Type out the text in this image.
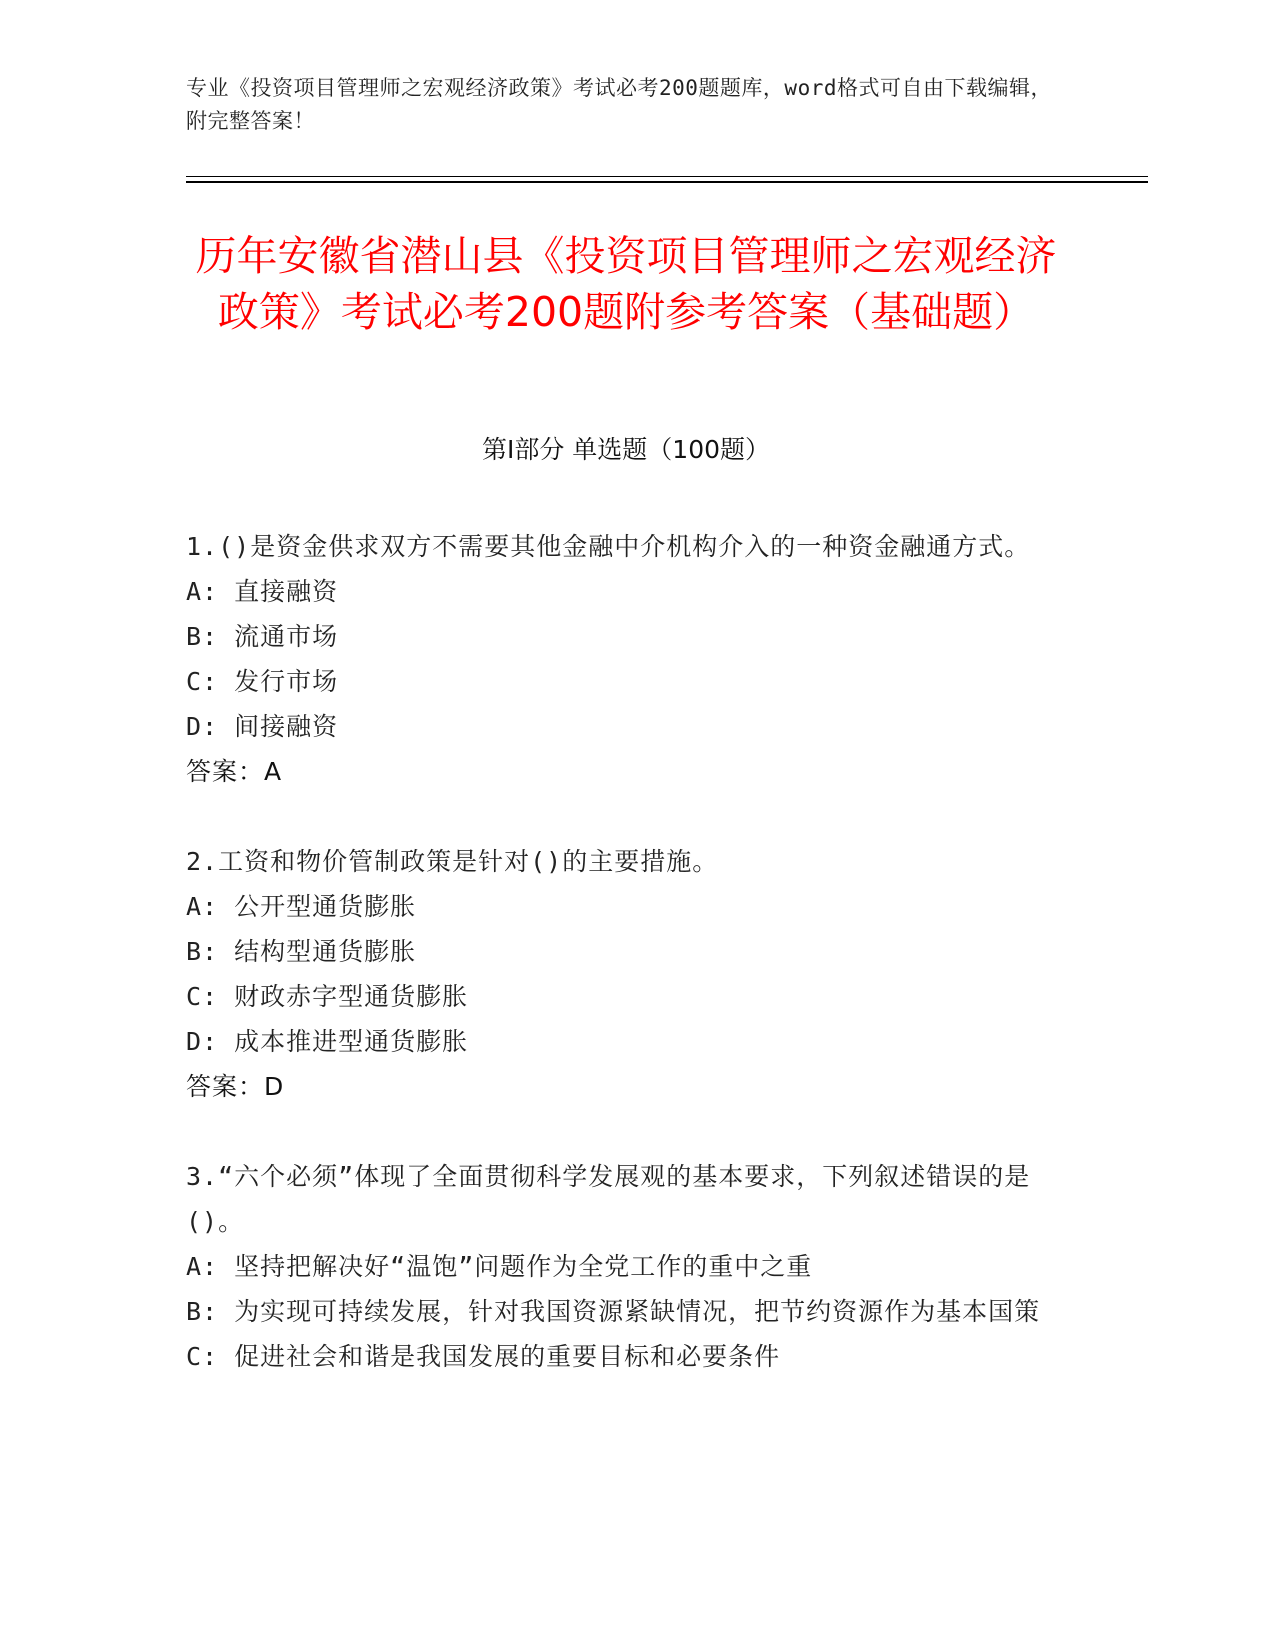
专业《投资项目管理师之宏观经济政策》考试必考200题题库，word格式可自由下载编辑，附完整答案！
历年安徽省潜山县《投资项目管理师之宏观经济政策》考试必考200题附参考答案（基础题）
第I部分 单选题（100题）

1.()是资金供求双方不需要其他金融中介机构介入的一种资金融通方式。

A: 直接融资

B: 流通市场

C: 发行市场

D: 间接融资

答案：A

2.工资和物价管制政策是针对()的主要措施。

A: 公开型通货膨胀

B: 结构型通货膨胀

C: 财政赤字型通货膨胀

D: 成本推进型通货膨胀

答案：D

3.“六个必须”体现了全面贯彻科学发展观的基本要求，下列叙述错误的是()。

A: 坚持把解决好“温饱”问题作为全党工作的重中之重

B: 为实现可持续发展，针对我国资源紧缺情况，把节约资源作为基本国策

C: 促进社会和谐是我国发展的重要目标和必要条件
